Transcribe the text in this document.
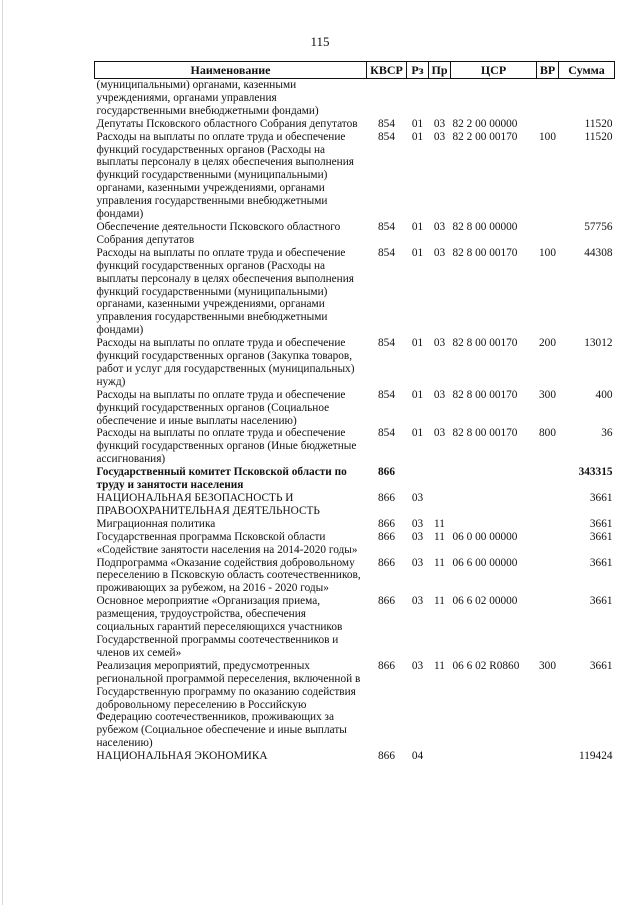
115
Наименование	КВСР	Рз	Пр	ЦСР	ВР	Сумма
(муниципальными) органами, казенными учреждениями, органами управления государственными внебюджетными фондами)						
Депутаты Псковского областного Собрания депутатов	854	01	03	82 2 00 00000		11520
Расходы на выплаты по оплате труда и обеспечение функций государственных органов (Расходы на выплаты персоналу в целях обеспечения выполнения функций государственными (муниципальными) органами, казенными учреждениями, органами управления государственными внебюджетными фондами)	854	01	03	82 2 00 00170	100	11520
Обеспечение деятельности Псковского областного Собрания депутатов	854	01	03	82 8 00 00000		57756
Расходы на выплаты по оплате труда и обеспечение функций государственных органов (Расходы на выплаты персоналу в целях обеспечения выполнения функций государственными (муниципальными) органами, казенными учреждениями, органами управления государственными внебюджетными фондами)	854	01	03	82 8 00 00170	100	44308
Расходы на выплаты по оплате труда и обеспечение функций государственных органов (Закупка товаров, работ и услуг для государственных (муниципальных) нужд)	854	01	03	82 8 00 00170	200	13012
Расходы на выплаты по оплате труда и обеспечение функций государственных органов (Социальное обеспечение и иные выплаты населению)	854	01	03	82 8 00 00170	300	400
Расходы на выплаты по оплате труда и обеспечение функций государственных органов (Иные бюджетные ассигнования)	854	01	03	82 8 00 00170	800	36
Государственный комитет Псковской области по труду и занятости населения	866					343315
НАЦИОНАЛЬНАЯ БЕЗОПАСНОСТЬ И ПРАВООХРАНИТЕЛЬНАЯ ДЕЯТЕЛЬНОСТЬ	866	03				3661
Миграционная политика	866	03	11			3661
Государственная программа Псковской области «Содействие занятости населения на 2014-2020 годы»	866	03	11	06 0 00 00000		3661
Подпрограмма «Оказание содействия добровольному переселению в Псковскую область соотечественников, проживающих за рубежом, на 2016 - 2020 годы»	866	03	11	06 6 00 00000		3661
Основное мероприятие «Организация приема, размещения, трудоустройства, обеспечения социальных гарантий переселяющихся участников Государственной программы соотечественников и членов их семей»	866	03	11	06 6 02 00000		3661
Реализация мероприятий, предусмотренных региональной программой переселения, включенной в Государственную программу по оказанию содействия добровольному переселению в Российскую Федерацию соотечественников, проживающих за рубежом (Социальное обеспечение и иные выплаты населению)	866	03	11	06 6 02 R0860	300	3661
НАЦИОНАЛЬНАЯ ЭКОНОМИКА	866	04				119424
